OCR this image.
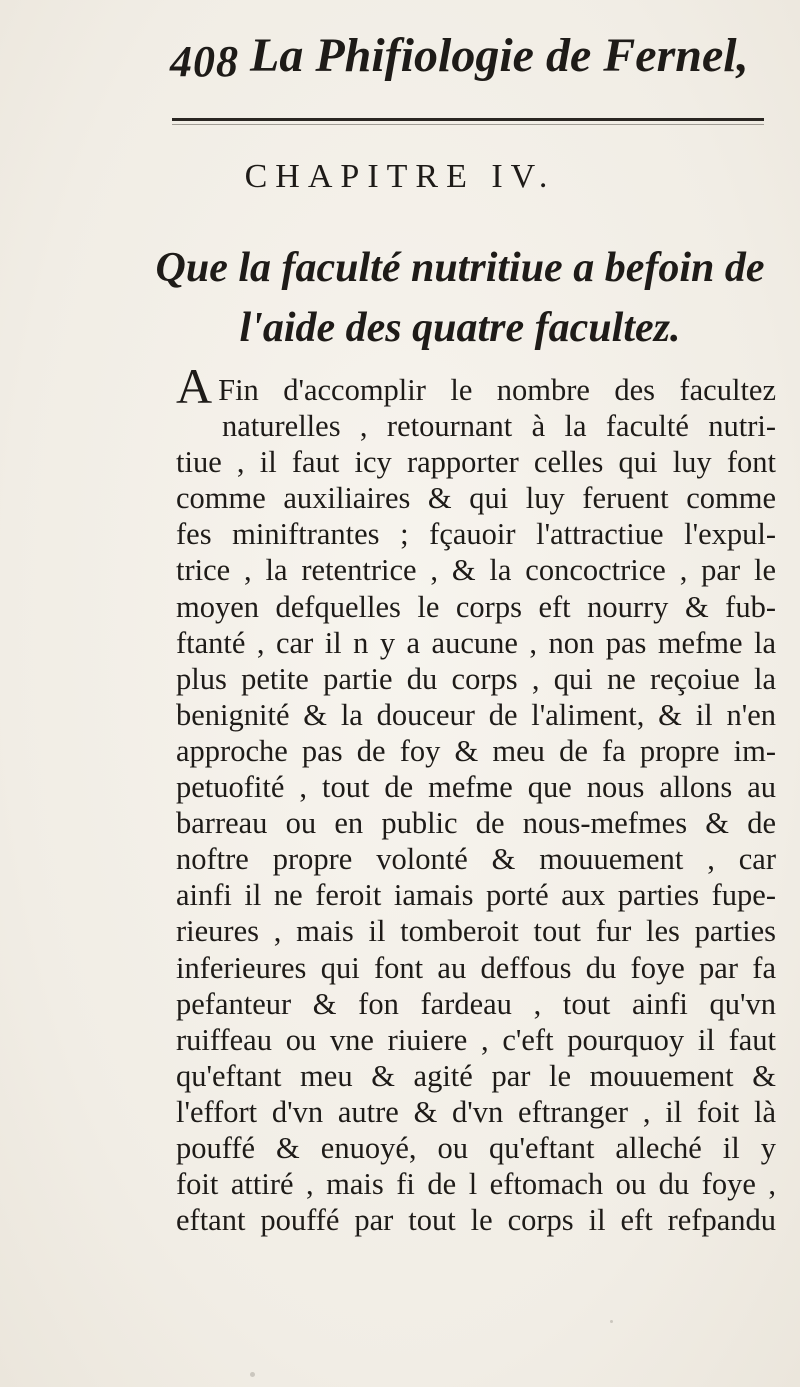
408 La Phifiologie de Fernel,
CHAPITRE IV.
Que la faculté nutritiue a befoin de
l'aide des quatre facultez.
A Fin d'accomplir le nombre des facultez
naturelles , retournant à la faculté nutri-
tiue , il faut icy rapporter celles qui luy font
comme auxiliaires & qui luy feruent comme
fes miniftrantes ; fçauoir l'attractiue l'expul-
trice , la retentrice , & la concoctrice , par le
moyen defquelles le corps eft nourry & fub-
ftanté , car il n y a aucune , non pas mefme la
plus petite partie du corps , qui ne reçoiue la
benignité & la douceur de l'aliment, & il n'en
approche pas de foy & meu de fa propre im-
petuofité , tout de mefme que nous allons au
barreau ou en public de nous-mefmes & de
noftre propre volonté & mouuement , car
ainfi il ne feroit iamais porté aux parties fupe-
rieures , mais il tomberoit tout fur les parties
inferieures qui font au deffous du foye par fa
pefanteur & fon fardeau , tout ainfi qu'vn
ruiffeau ou vne riuiere , c'eft pourquoy il faut
qu'eftant meu & agité par le mouuement &
l'effort d'vn autre & d'vn eftranger , il foit là
pouffé & enuoyé, ou qu'eftant alleché il y
foit attiré , mais fi de l eftomach ou du foye ,
eftant pouffé par tout le corps il eft refpandu
